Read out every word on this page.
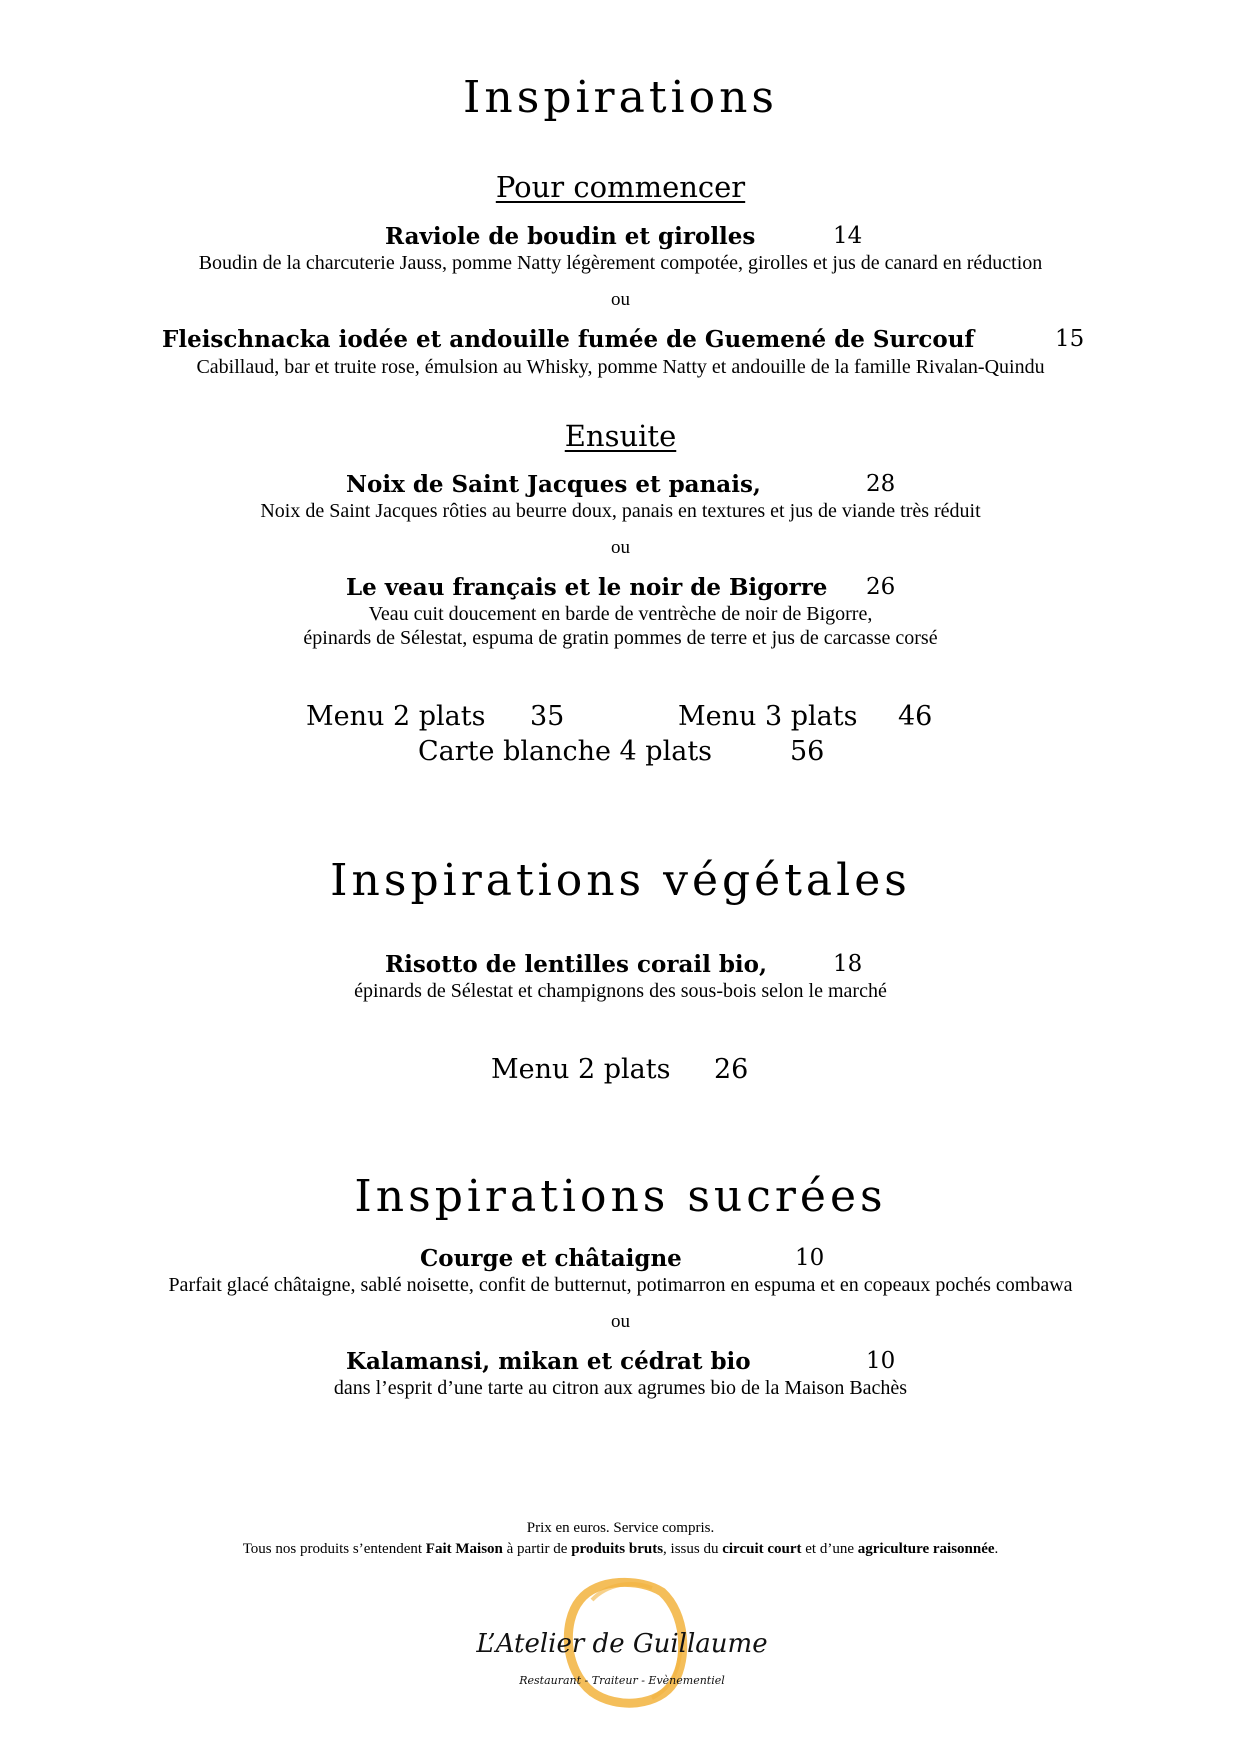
Inspirations
Pour commencer
Raviole de boudin et girolles	14
Boudin de la charcuterie Jauss, pomme Natty légèrement compotée, girolles et jus de canard en réduction
ou
Fleischnacka iodée et andouille fumée de Guemené de Surcouf	15
Cabillaud, bar et truite rose, émulsion au Whisky, pomme Natty et andouille de la famille Rivalan-Quindu
Ensuite
Noix de Saint Jacques et panais,	28
Noix de Saint Jacques rôties au beurre doux, panais en textures et jus de viande très réduit
ou
Le veau français et le noir de Bigorre 26
Veau cuit doucement en barde de ventrèche de noir de Bigorre,
épinards de Sélestat, espuma de gratin pommes de terre et jus de carcasse corsé
Menu 2 plats 35	Menu 3 plats 46
Carte blanche 4 plats	56
Inspirations végétales
Risotto de lentilles corail bio,	18
épinards de Sélestat et champignons des sous-bois selon le marché
Menu 2 plats 26
Inspirations sucrées
Courge et châtaigne	10
Parfait glacé châtaigne, sablé noisette, confit de butternut, potimarron en espuma et en copeaux pochés combawa
ou
Kalamansi, mikan et cédrat bio	10
dans l’esprit d’une tarte au citron aux agrumes bio de la Maison Bachès
Prix en euros. Service compris.
Tous nos produits s’entendent Fait Maison à partir de produits bruts, issus du circuit court et d’une agriculture raisonnée.
L’Atelier de Guillaume
Restaurant - Traiteur - Evènementiel
